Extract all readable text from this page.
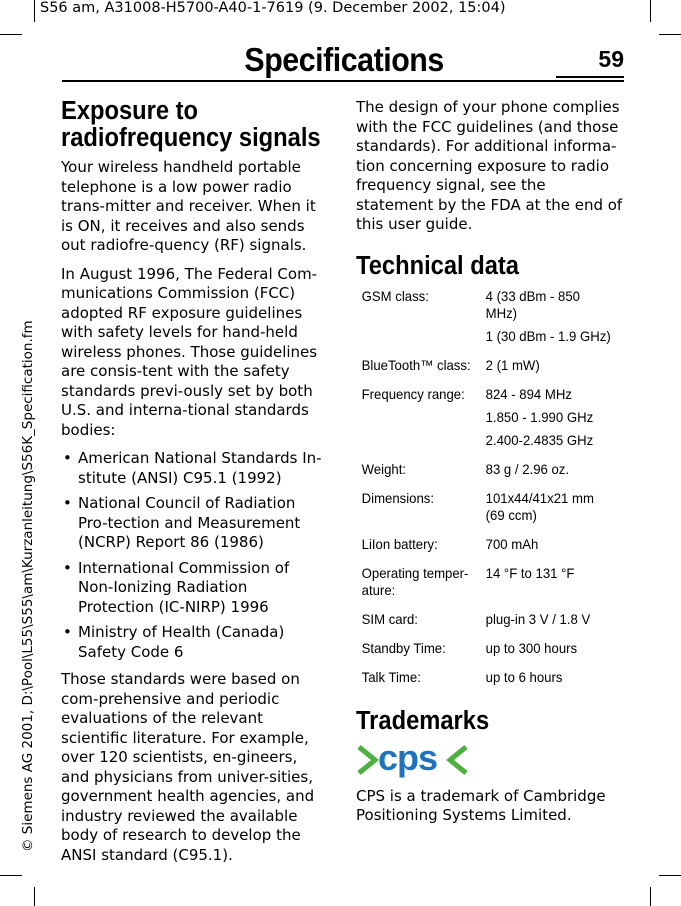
S56 am, A31008-H5700-A40-1-7619 (9. December 2002, 15:04)
© Siemens AG 2001, D:\Pool\L55\S55\am\Kurzanleitung\S56K_Specification.fm
Specifications	59
Exposure to radiofrequency signals

Your wireless handheld portable telephone is a low power radio trans-mitter and receiver. When it is ON, it receives and also sends out radiofre-quency (RF) signals.

In August 1996, The Federal Com-munications Commission (FCC) adopted RF exposure guidelines with safety levels for hand-held wireless phones. Those guidelines are consis-tent with the safety standards previ-ously set by both U.S. and interna-tional standards bodies:

• American National Standards In-stitute (ANSI) C95.1 (1992)
• National Council of Radiation Pro-tection and Measurement (NCRP) Report 86 (1986)
• International Commission of Non-Ionizing Radiation Protection (IC-NIRP) 1996
• Ministry of Health (Canada) Safety Code 6

Those standards were based on com-prehensive and periodic evaluations of the relevant scientific literature. For example, over 120 scientists, en-gineers, and physicians from univer-sities, government health agencies, and industry reviewed the available body of research to develop the ANSI standard (C95.1).

The design of your phone complies with the FCC guidelines (and those standards). For additional informa-tion concerning exposure to radio frequency signal, see the statement by the FDA at the end of this user guide.

Technical data
GSM class:	4 (33 dBm - 850 MHz)
1 (30 dBm - 1.9 GHz)

BlueTooth™ class:	2 (1 mW)

Frequency range:	824 - 894 MHz
1.850 - 1.990 GHz
2.400-2.4835 GHz

Weight:	83 g / 2.96 oz.

Dimensions:	101x44/41x21 mm (69 ccm)

LiIon battery:	700 mAh

Operating temper-ature:	14 °F to 131 °F

SIM card:	plug-in 3 V / 1.8 V

Standby Time:	up to 300 hours

Talk Time:	up to 6 hours
Trademarks
cps

CPS is a trademark of Cambridge Positioning Systems Limited.
